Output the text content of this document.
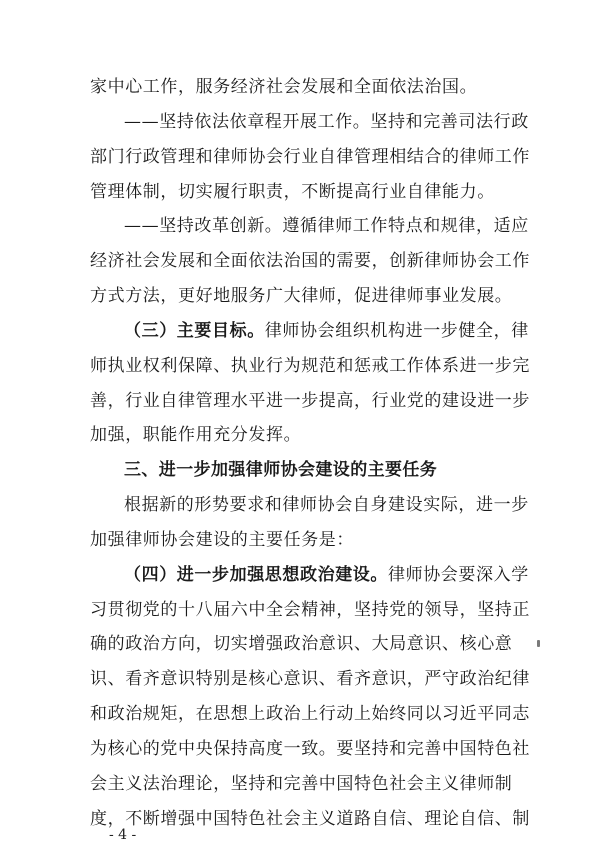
家中心工作，服务经济社会发展和全面依法治国。
——坚持依法依章程开展工作。坚持和完善司法行政
部门行政管理和律师协会行业自律管理相结合的律师工作
管理体制，切实履行职责，不断提高行业自律能力。
——坚持改革创新。遵循律师工作特点和规律，适应
经济社会发展和全面依法治国的需要，创新律师协会工作
方式方法，更好地服务广大律师，促进律师事业发展。
（三）主要目标。律师协会组织机构进一步健全，律
师执业权利保障、执业行为规范和惩戒工作体系进一步完
善，行业自律管理水平进一步提高，行业党的建设进一步
加强，职能作用充分发挥。
三、进一步加强律师协会建设的主要任务
根据新的形势要求和律师协会自身建设实际，进一步
加强律师协会建设的主要任务是：
（四）进一步加强思想政治建设。律师协会要深入学
习贯彻党的十八届六中全会精神，坚持党的领导，坚持正
确的政治方向，切实增强政治意识、大局意识、核心意
识、看齐意识特别是核心意识、看齐意识，严守政治纪律
和政治规矩，在思想上政治上行动上始终同以习近平同志
为核心的党中央保持高度一致。要坚持和完善中国特色社
会主义法治理论，坚持和完善中国特色社会主义律师制
度，不断增强中国特色社会主义道路自信、理论自信、制
- 4 -
